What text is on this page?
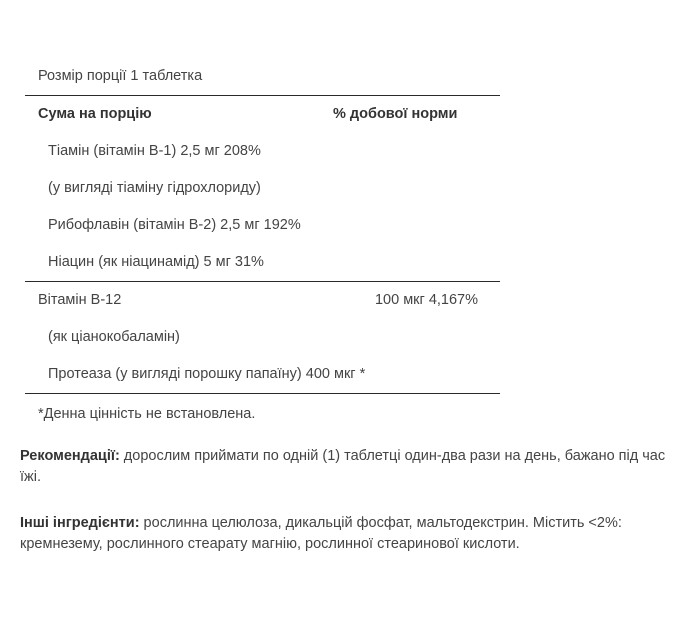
Розмір порції 1 таблетка
Сума на порцію	% добової норми
Тіамін (вітамін B-1) 2,5 мг 208%
(у вигляді тіаміну гідрохлориду)
Рибофлавін (вітамін B-2) 2,5 мг 192%
Ніацин (як ніацинамід) 5 мг 31%
Вітамін B-12	100 мкг 4,167%
(як ціанокобаламін)
Протеаза (у вигляді порошку папаїну) 400 мкг *
*Денна цінність не встановлена.
Рекомендації: дорослим приймати по одній (1) таблетці один-два рази на день, бажано під час їжі.
Інші інгредієнти: рослинна целюлоза, дикальцій фосфат, мальтодекстрин. Містить <2%: кремнезему, рослинного стеарату магнію, рослинної стеаринової кислоти.
